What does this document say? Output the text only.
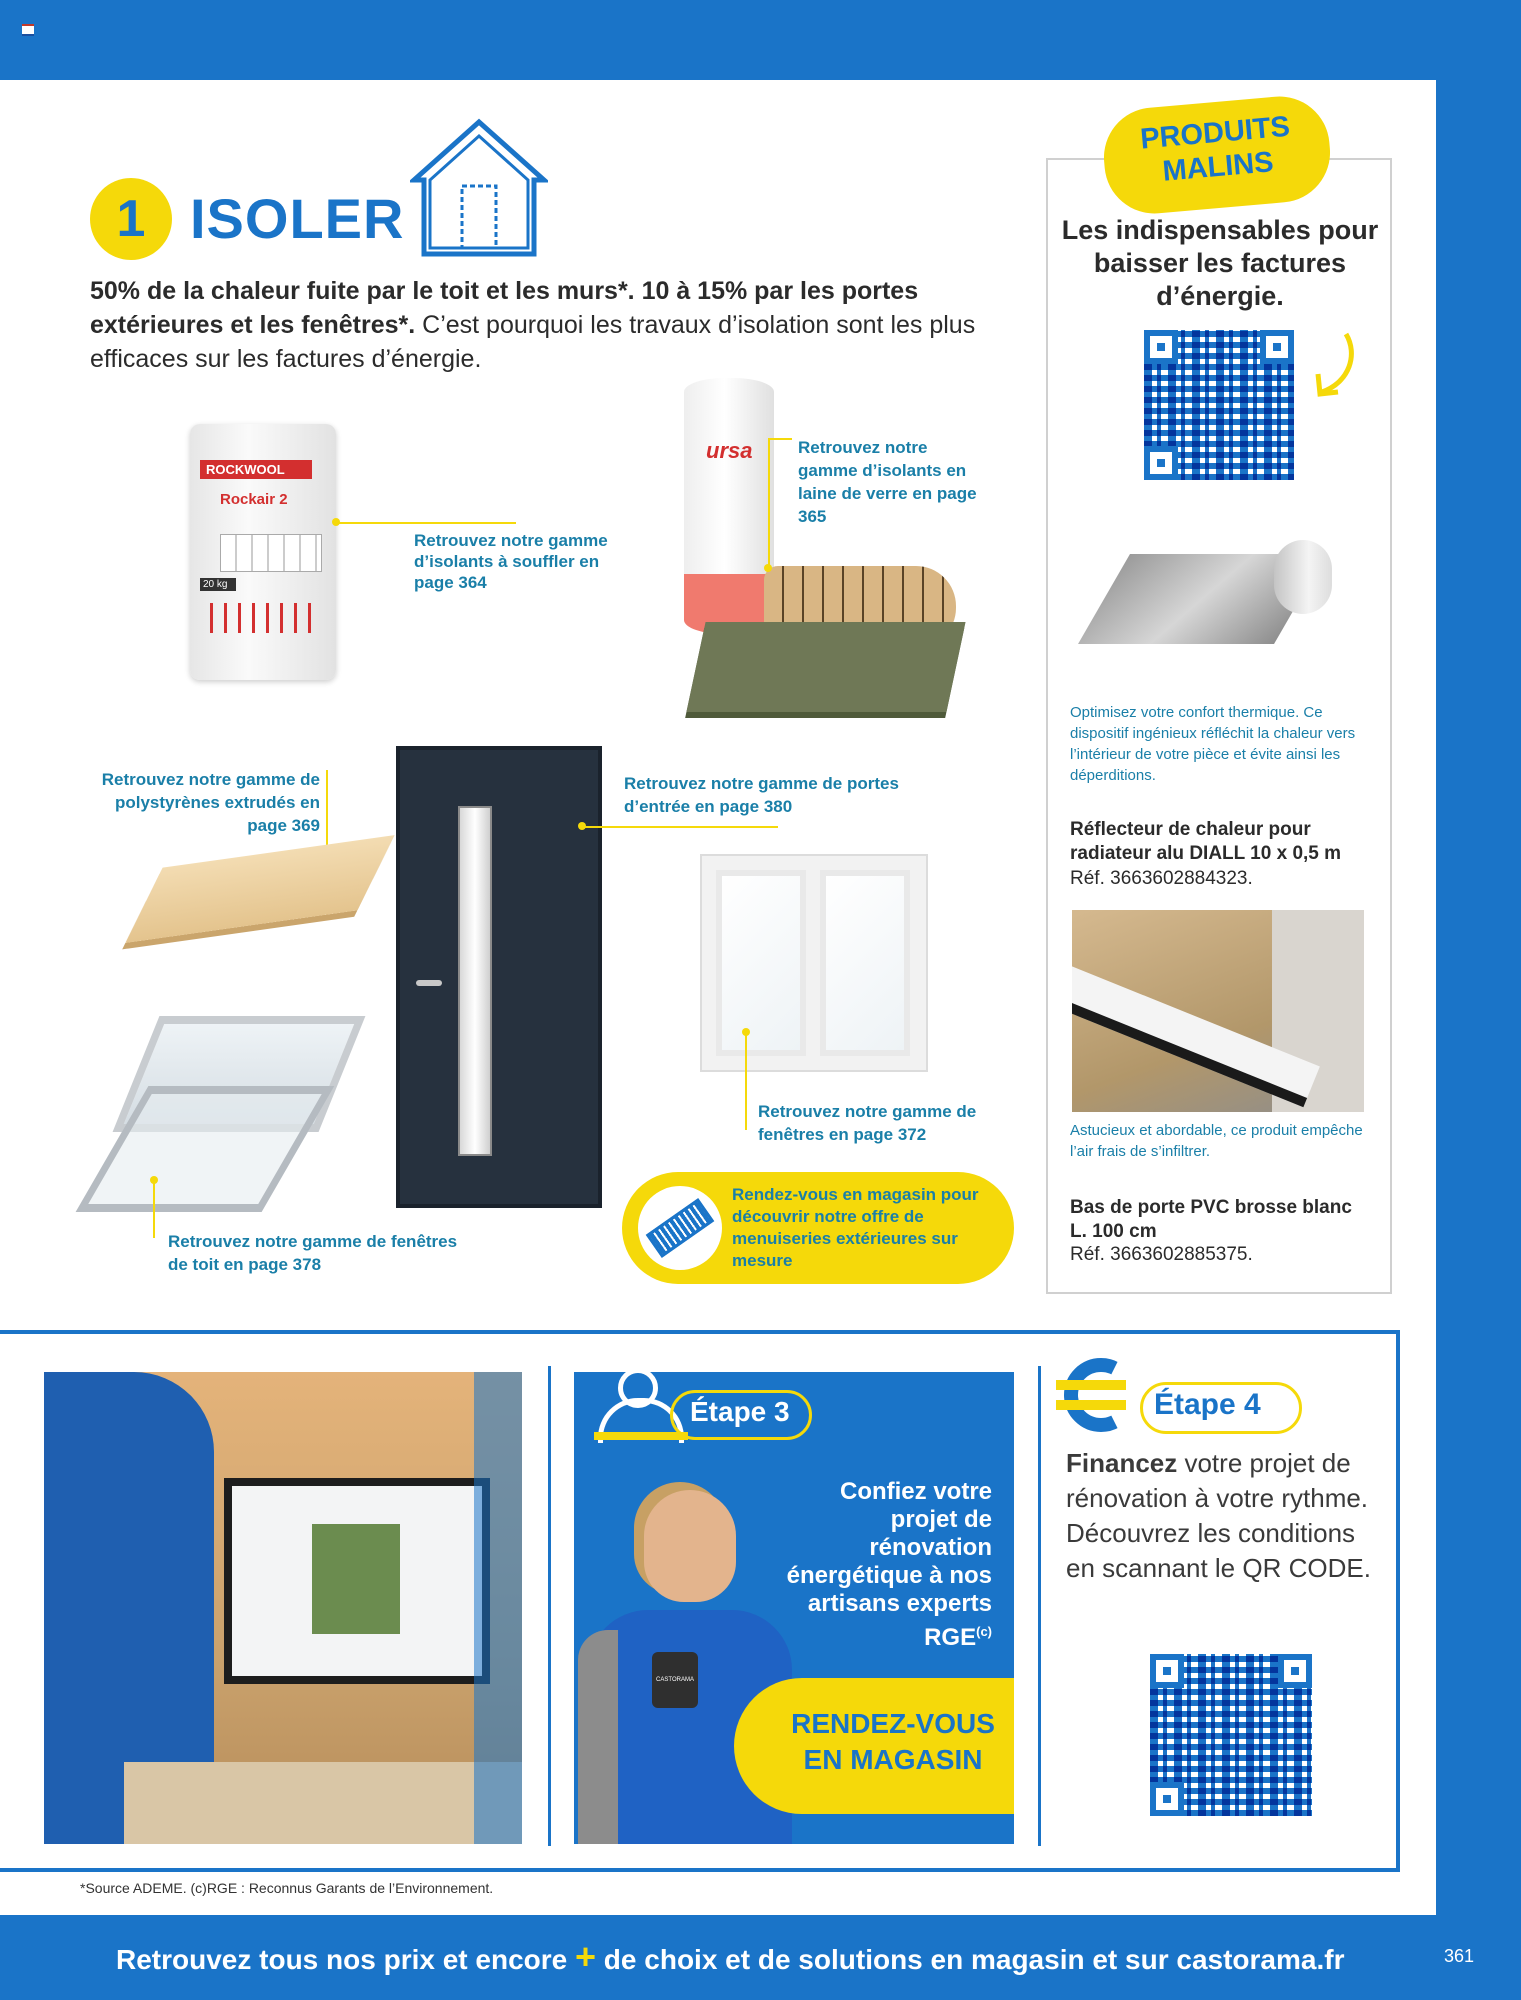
1 ISOLER
50% de la chaleur fuite par le toit et les murs*. 10 à 15% par les portes extérieures et les fenêtres*. C’est pourquoi les travaux d’isolation sont les plus efficaces sur les factures d’énergie.
ROCKWOOL
Rockair 2
20 kg
Retrouvez notre gamme d’isolants à souffler en page 364
ursa	Retrouvez notre gamme d’isolants en laine de verre en page 365
Retrouvez notre gamme de polystyrènes extrudés en page 369
Retrouvez notre gamme de portes d’entrée en page 380
Retrouvez notre gamme de fenêtres en page 372
Retrouvez notre gamme de fenêtres de toit en page 378
Rendez-vous en magasin pour découvrir notre offre de menuiseries extérieures sur mesure
PRODUITS
MALINS
Les indispensables pour baisser les factures d’énergie.
Optimisez votre confort thermique. Ce dispositif ingénieux réfléchit la chaleur vers l’intérieur de votre pièce et évite ainsi les déperditions.
Réflecteur de chaleur pour radiateur alu DIALL 10 x 0,5 m
Réf. 3663602884323.
Astucieux et abordable, ce produit empêche l’air frais de s’infiltrer.
Bas de porte PVC brosse blanc L. 100 cm
Réf. 3663602885375.
Étape 3
Confiez votre projet de rénovation énergétique à nos artisans experts RGE$^{(c)}$
CASTORAMA
RENDEZ-VOUS EN MAGASIN
Étape 4
Financez votre projet de rénovation à votre rythme. Découvrez les conditions en scannant le QR CODE.
*Source ADEME. (c)RGE : Reconnus Garants de l’Environnement.
Retrouvez tous nos prix et encore + de choix et de solutions en magasin et sur castorama.fr	361
